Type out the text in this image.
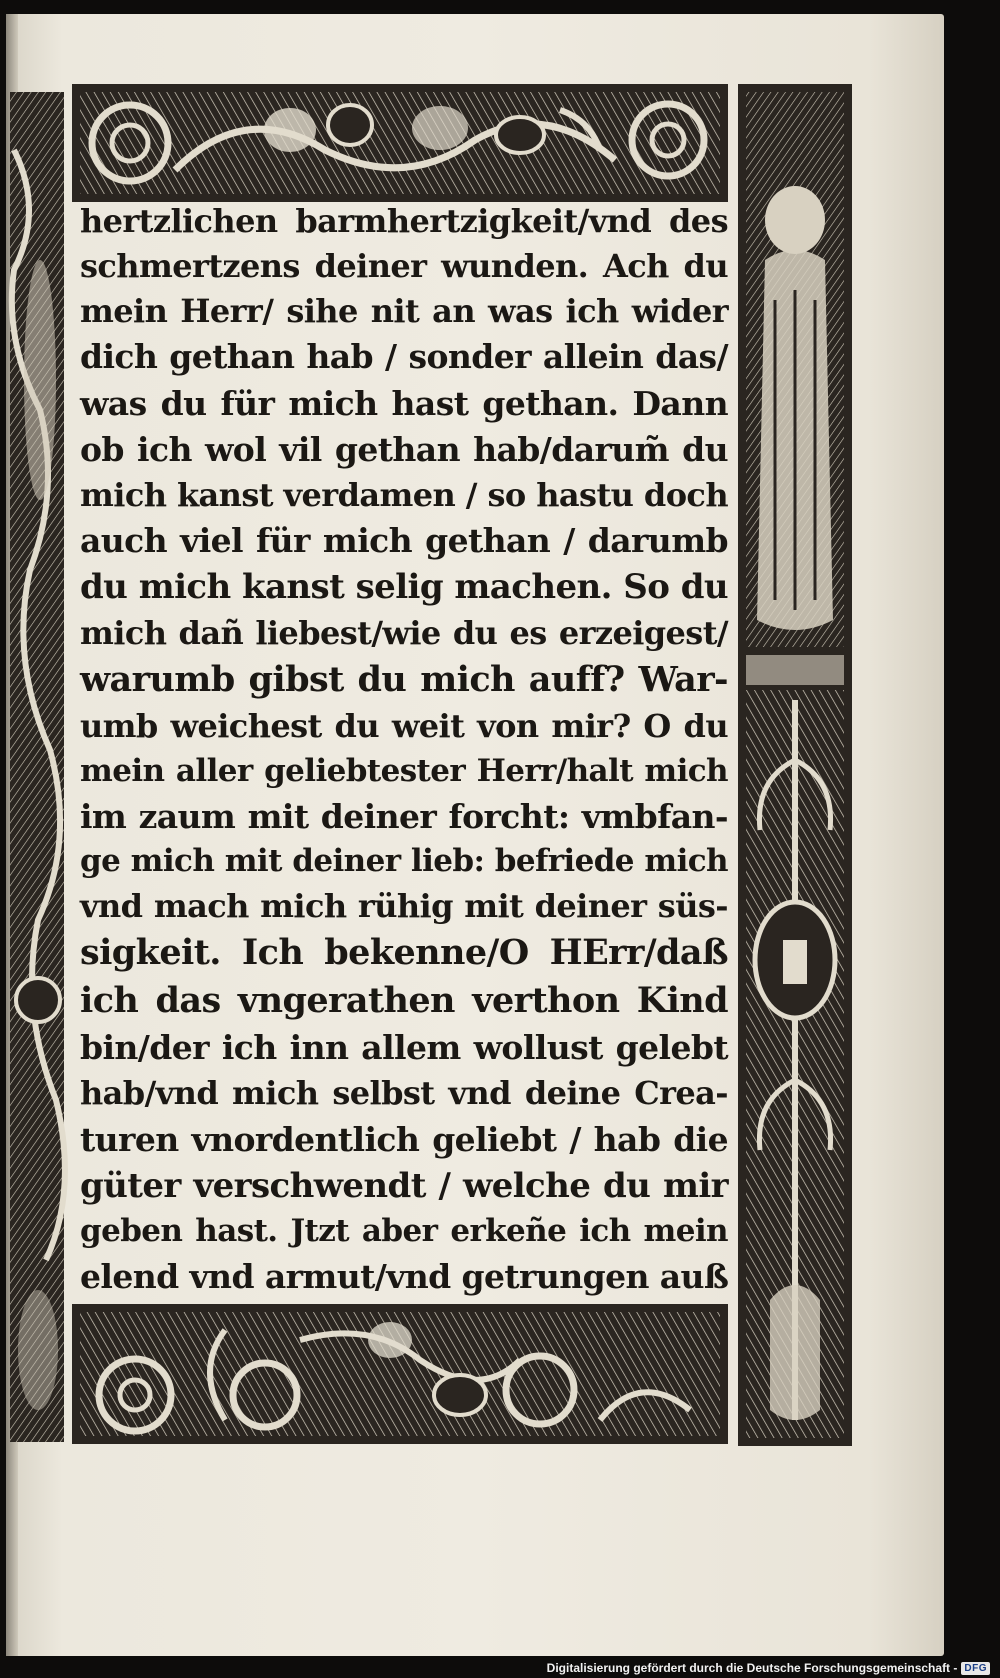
hertzlichen barmhertzigkeit/vnd des
schmertzens deiner wunden. Ach du
mein Herr/ sihe nit an was ich wider
dich gethan hab / sonder allein das/
was du für mich hast gethan. Dann
ob ich wol vil gethan hab/darum̃ du
mich kanst verdamen / so hastu doch
auch viel für mich gethan / darumb
du mich kanst selig machen. So du
mich dañ liebest/wie du es erzeigest/
warumb gibst du mich auff? War-
umb weichest du weit von mir? O du
mein aller geliebtester Herr/halt mich
im zaum mit deiner forcht: vmbfan-
ge mich mit deiner lieb: befriede mich
vnd mach mich rühig mit deiner süs-
sigkeit. Ich bekenne/O HErr/daß
ich das vngerathen verthon Kind
bin/der ich inn allem wollust gelebt
hab/vnd mich selbst vnd deine Crea-
turen vnordentlich geliebt / hab die
güter verschwendt / welche du mir
geben hast. Jtzt aber erkeñe ich mein
elend vnd armut/vnd getrungen auß
Digitalisierung gefördert durch die Deutsche Forschungsgemeinschaft - DFG
